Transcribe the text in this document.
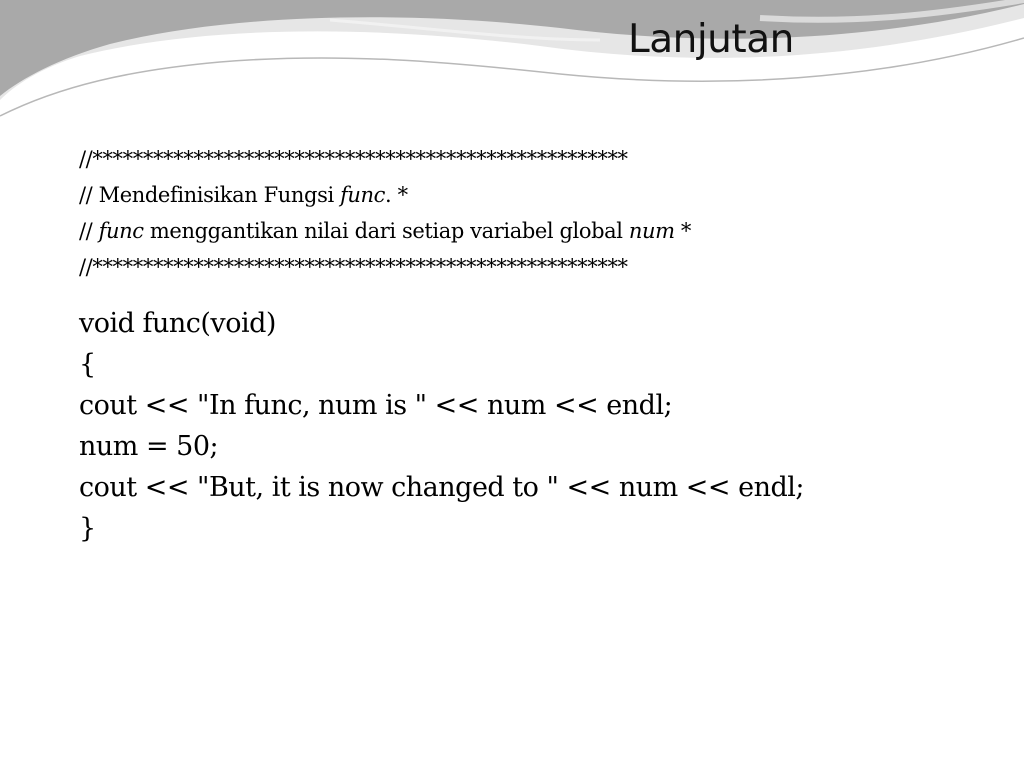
Lanjutan
//*****************************************************
// Mendefinisikan Fungsi func. *
// func menggantikan nilai dari setiap variabel global num *
//*****************************************************
void func(void)
{
cout << "In func, num is " << num << endl;
num = 50;
cout << "But, it is now changed to " << num << endl;
}
